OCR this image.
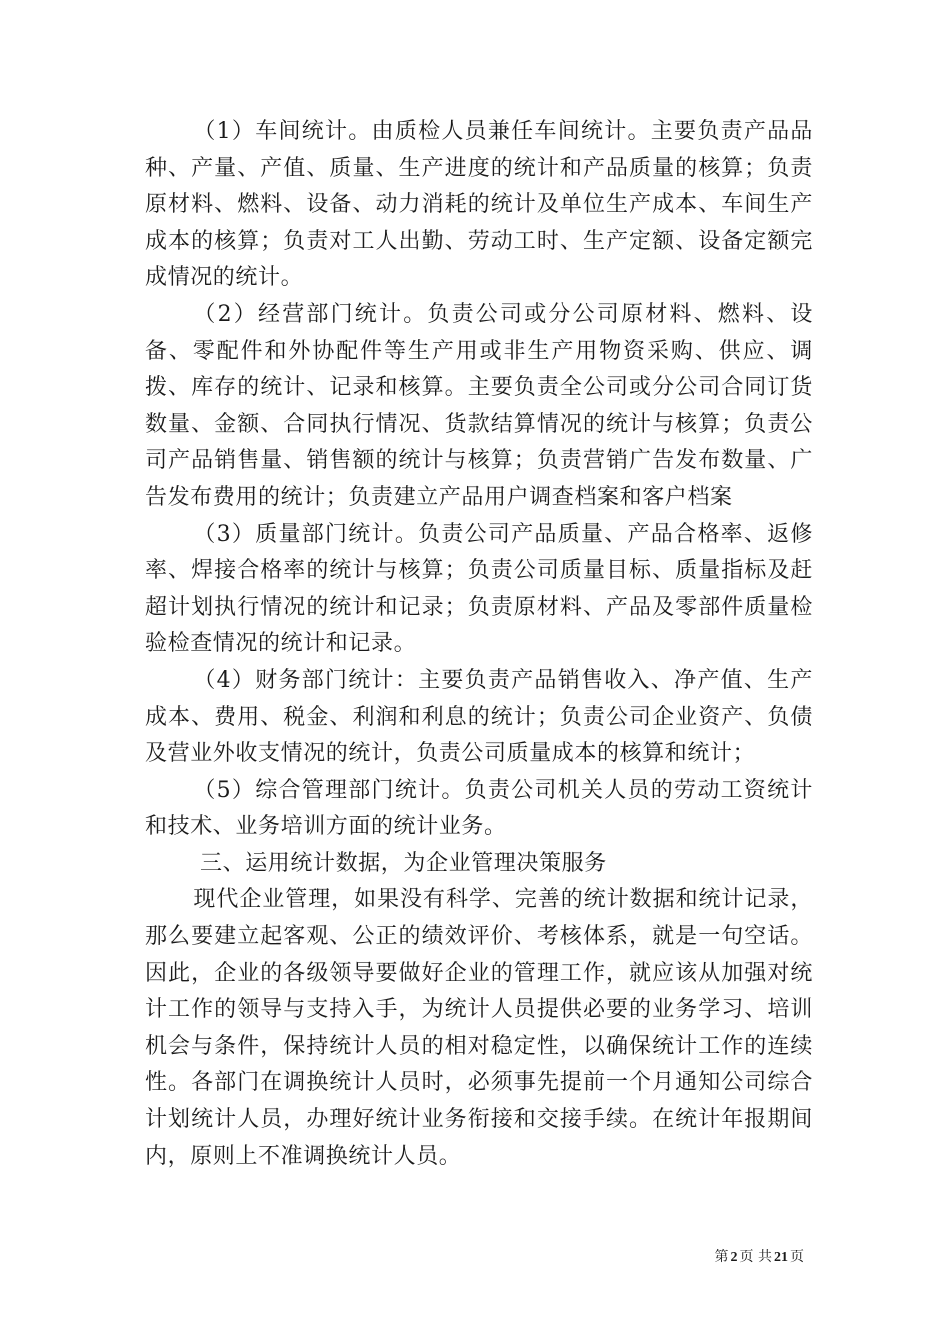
（1）车间统计。由质检人员兼任车间统计。主要负责产品品种、产量、产值、质量、生产进度的统计和产品质量的核算；负责原材料、燃料、设备、动力消耗的统计及单位生产成本、车间生产成本的核算；负责对工人出勤、劳动工时、生产定额、设备定额完成情况的统计。

（2）经营部门统计。负责公司或分公司原材料、燃料、设备、零配件和外协配件等生产用或非生产用物资采购、供应、调拨、库存的统计、记录和核算。主要负责全公司或分公司合同订货数量、金额、合同执行情况、货款结算情况的统计与核算；负责公司产品销售量、销售额的统计与核算；负责营销广告发布数量、广告发布费用的统计；负责建立产品用户调查档案和客户档案

（3）质量部门统计。负责公司产品质量、产品合格率、返修率、焊接合格率的统计与核算；负责公司质量目标、质量指标及赶超计划执行情况的统计和记录；负责原材料、产品及零部件质量检验检查情况的统计和记录。

（4）财务部门统计：主要负责产品销售收入、净产值、生产成本、费用、税金、利润和利息的统计；负责公司企业资产、负债及营业外收支情况的统计，负责公司质量成本的核算和统计；

（5）综合管理部门统计。负责公司机关人员的劳动工资统计和技术、业务培训方面的统计业务。

三、运用统计数据，为企业管理决策服务

现代企业管理，如果没有科学、完善的统计数据和统计记录，那么要建立起客观、公正的绩效评价、考核体系，就是一句空话。因此，企业的各级领导要做好企业的管理工作，就应该从加强对统计工作的领导与支持入手，为统计人员提供必要的业务学习、培训机会与条件，保持统计人员的相对稳定性，以确保统计工作的连续性。各部门在调换统计人员时，必须事先提前一个月通知公司综合计划统计人员，办理好统计业务衔接和交接手续。在统计年报期间内，原则上不准调换统计人员。

第 2 页 共 21 页
